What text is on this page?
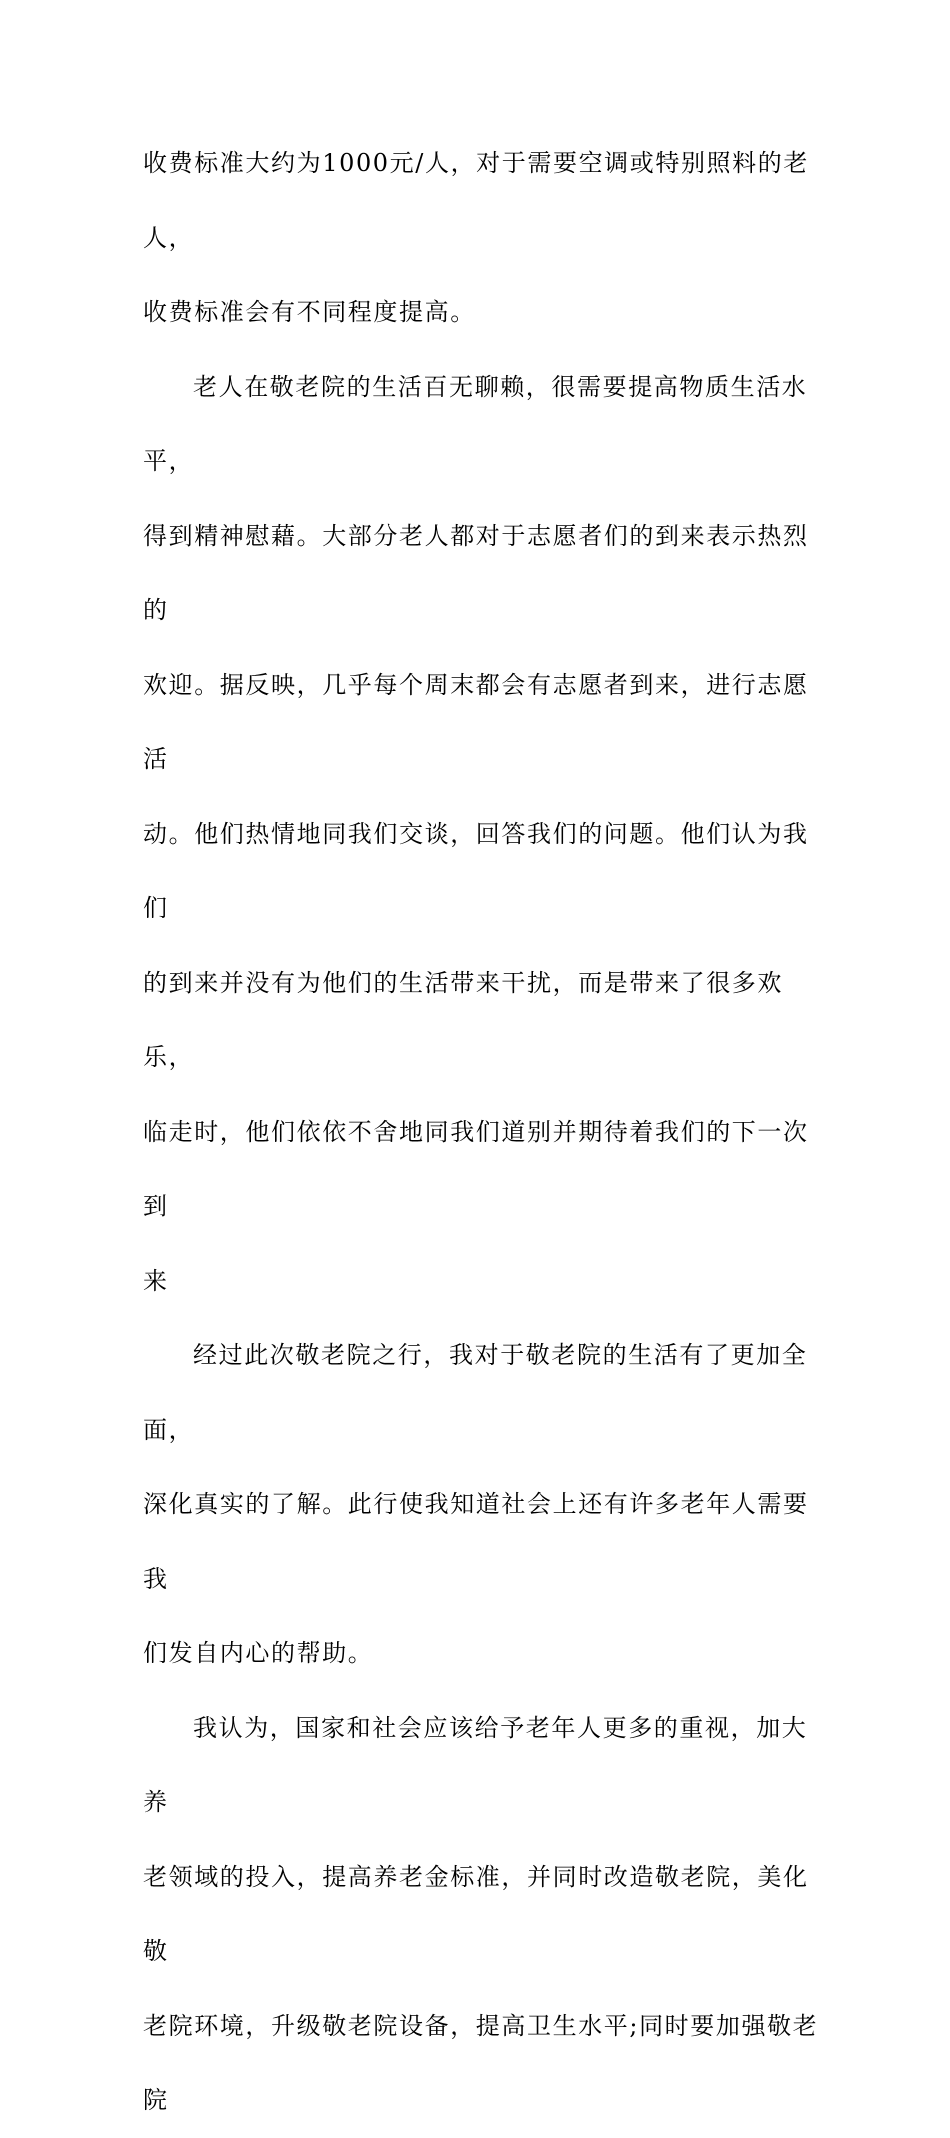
收费标准大约为1000元/人，对于需要空调或特别照料的老人，
收费标准会有不同程度提高。

老人在敬老院的生活百无聊赖，很需要提高物质生活水平，
得到精神慰藉。大部分老人都对于志愿者们的到来表示热烈的
欢迎。据反映，几乎每个周末都会有志愿者到来，进行志愿活
动。他们热情地同我们交谈，回答我们的问题。他们认为我们
的到来并没有为他们的生活带来干扰，而是带来了很多欢乐，
临走时，他们依依不舍地同我们道别并期待着我们的下一次到
来

经过此次敬老院之行，我对于敬老院的生活有了更加全面，
深化真实的了解。此行使我知道社会上还有许多老年人需要我
们发自内心的帮助。

我认为，国家和社会应该给予老年人更多的重视，加大养
老领域的投入，提高养老金标准，并同时改造敬老院，美化敬
老院环境，升级敬老院设备，提高卫生水平;同时要加强敬老院
